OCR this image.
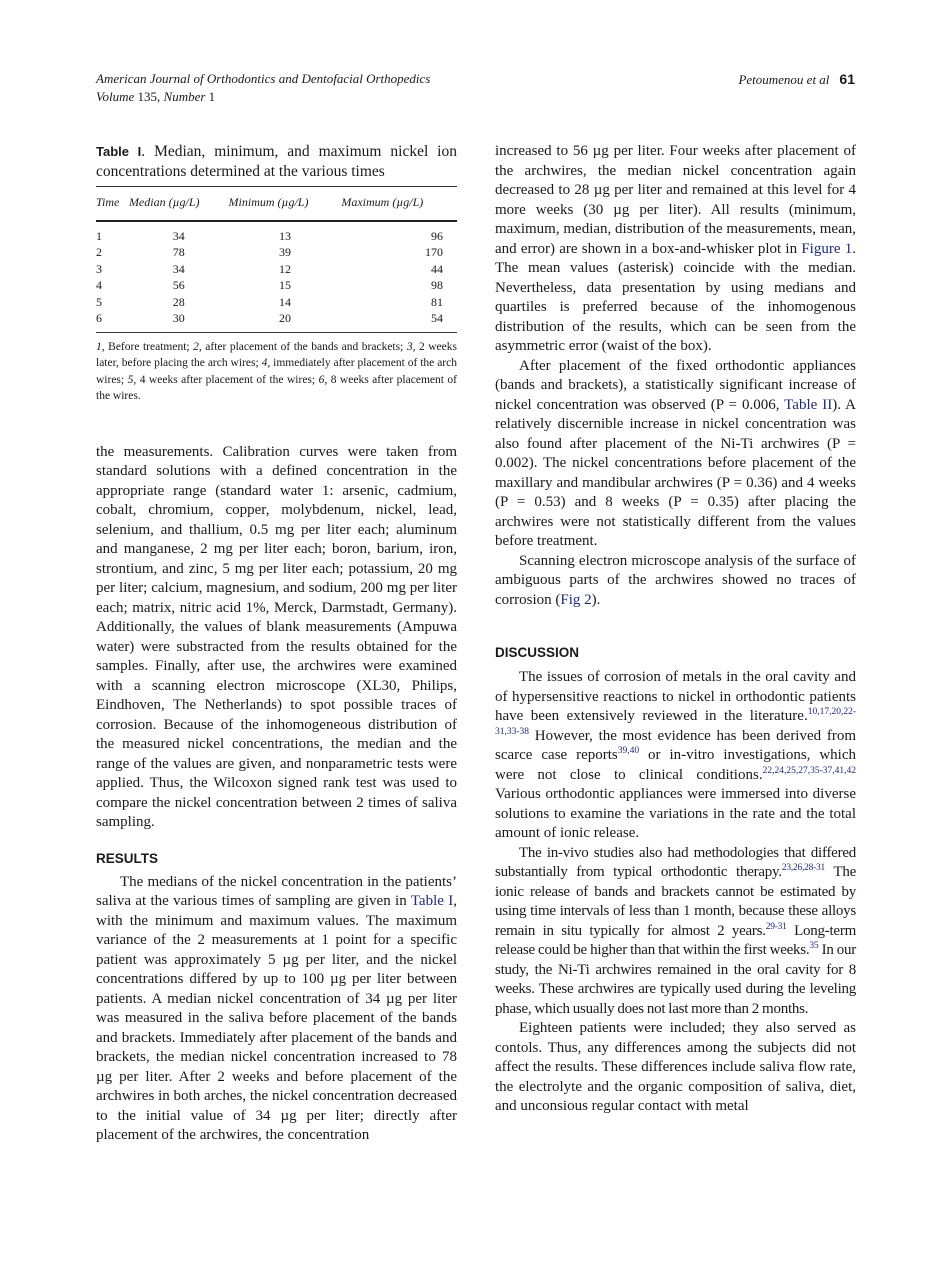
American Journal of Orthodontics and Dentofacial Orthopedics
Volume 135, Number 1
Petoumenou et al 61
Table I. Median, minimum, and maximum nickel ion concentrations determined at the various times
Time	Median (µg/L)	Minimum (µg/L)	Maximum (µg/L)
1	34	13	96
2	78	39	170
3	34	12	44
4	56	15	98
5	28	14	81
6	30	20	54
1, Before treatment; 2, after placement of the bands and brackets; 3, 2 weeks later, before placing the arch wires; 4, immediately after placement of the arch wires; 5, 4 weeks after placement of the wires; 6, 8 weeks after placement of the wires.

the measurements. Calibration curves were taken from standard solutions with a defined concentration in the appropriate range (standard water 1: arsenic, cadmium, cobalt, chromium, copper, molybdenum, nickel, lead, selenium, and thallium, 0.5 mg per liter each; aluminum and manganese, 2 mg per liter each; boron, barium, iron, strontium, and zinc, 5 mg per liter each; potassium, 20 mg per liter; calcium, magnesium, and sodium, 200 mg per liter each; matrix, nitric acid 1%, Merck, Darmstadt, Germany). Additionally, the values of blank measurements (Ampuwa water) were substracted from the results obtained for the samples. Finally, after use, the archwires were examined with a scanning electron microscope (XL30, Philips, Eindhoven, The Netherlands) to spot possible traces of corrosion. Because of the inhomogeneous distribution of the measured nickel concentrations, the median and the range of the values are given, and nonparametric tests were applied. Thus, the Wilcoxon signed rank test was used to compare the nickel concentration between 2 times of saliva sampling.

RESULTS

The medians of the nickel concentration in the patients’ saliva at the various times of sampling are given in Table I, with the minimum and maximum values. The maximum variance of the 2 measurements at 1 point for a specific patient was approximately 5 µg per liter, and the nickel concentrations differed by up to 100 µg per liter between patients. A median nickel concentration of 34 µg per liter was measured in the saliva before placement of the bands and brackets. Immediately after placement of the bands and brackets, the median nickel concentration increased to 78 µg per liter. After 2 weeks and before placement of the archwires in both arches, the nickel concentration decreased to the initial value of 34 µg per liter; directly after placement of the archwires, the concentration

increased to 56 µg per liter. Four weeks after placement of the archwires, the median nickel concentration again decreased to 28 µg per liter and remained at this level for 4 more weeks (30 µg per liter). All results (minimum, maximum, median, distribution of the measurements, mean, and error) are shown in a box-and-whisker plot in Figure 1. The mean values (asterisk) coincide with the median. Nevertheless, data presentation by using medians and quartiles is preferred because of the inhomogenous distribution of the results, which can be seen from the asymmetric error (waist of the box).

After placement of the fixed orthodontic appliances (bands and brackets), a statistically significant increase of nickel concentration was observed (P = 0.006, Table II). A relatively discernible increase in nickel concentration was also found after placement of the Ni-Ti archwires (P = 0.002). The nickel concentrations before placement of the maxillary and mandibular archwires (P = 0.36) and 4 weeks (P = 0.53) and 8 weeks (P = 0.35) after placing the archwires were not statistically different from the values before treatment.

Scanning electron microscope analysis of the surface of ambiguous parts of the archwires showed no traces of corrosion (Fig 2).

DISCUSSION

The issues of corrosion of metals in the oral cavity and of hypersensitive reactions to nickel in orthodontic patients have been extensively reviewed in the literature.$^{10,17,20,22-31,33-38}$ However, the most evidence has been derived from scarce case reports$^{39,40}$ or in-vitro investigations, which were not close to clinical conditions.$^{22,24,25,27,35-37,41,42}$ Various orthodontic appliances were immersed into diverse solutions to examine the variations in the rate and the total amount of ionic release.

The in-vivo studies also had methodologies that differed substantially from typical orthodontic therapy.$^{23,26,28-31}$ The ionic release of bands and brackets cannot be estimated by using time intervals of less than 1 month, because these alloys remain in situ typically for almost 2 years.$^{29-31}$ Long-term release could be higher than that within the first weeks.$^{35}$ In our study, the Ni-Ti archwires remained in the oral cavity for 8 weeks. These archwires are typically used during the leveling phase, which usually does not last more than 2 months.

Eighteen patients were included; they also served as contols. Thus, any differences among the subjects did not affect the results. These differences include saliva flow rate, the electrolyte and the organic composition of saliva, diet, and unconsious regular contact with metal
